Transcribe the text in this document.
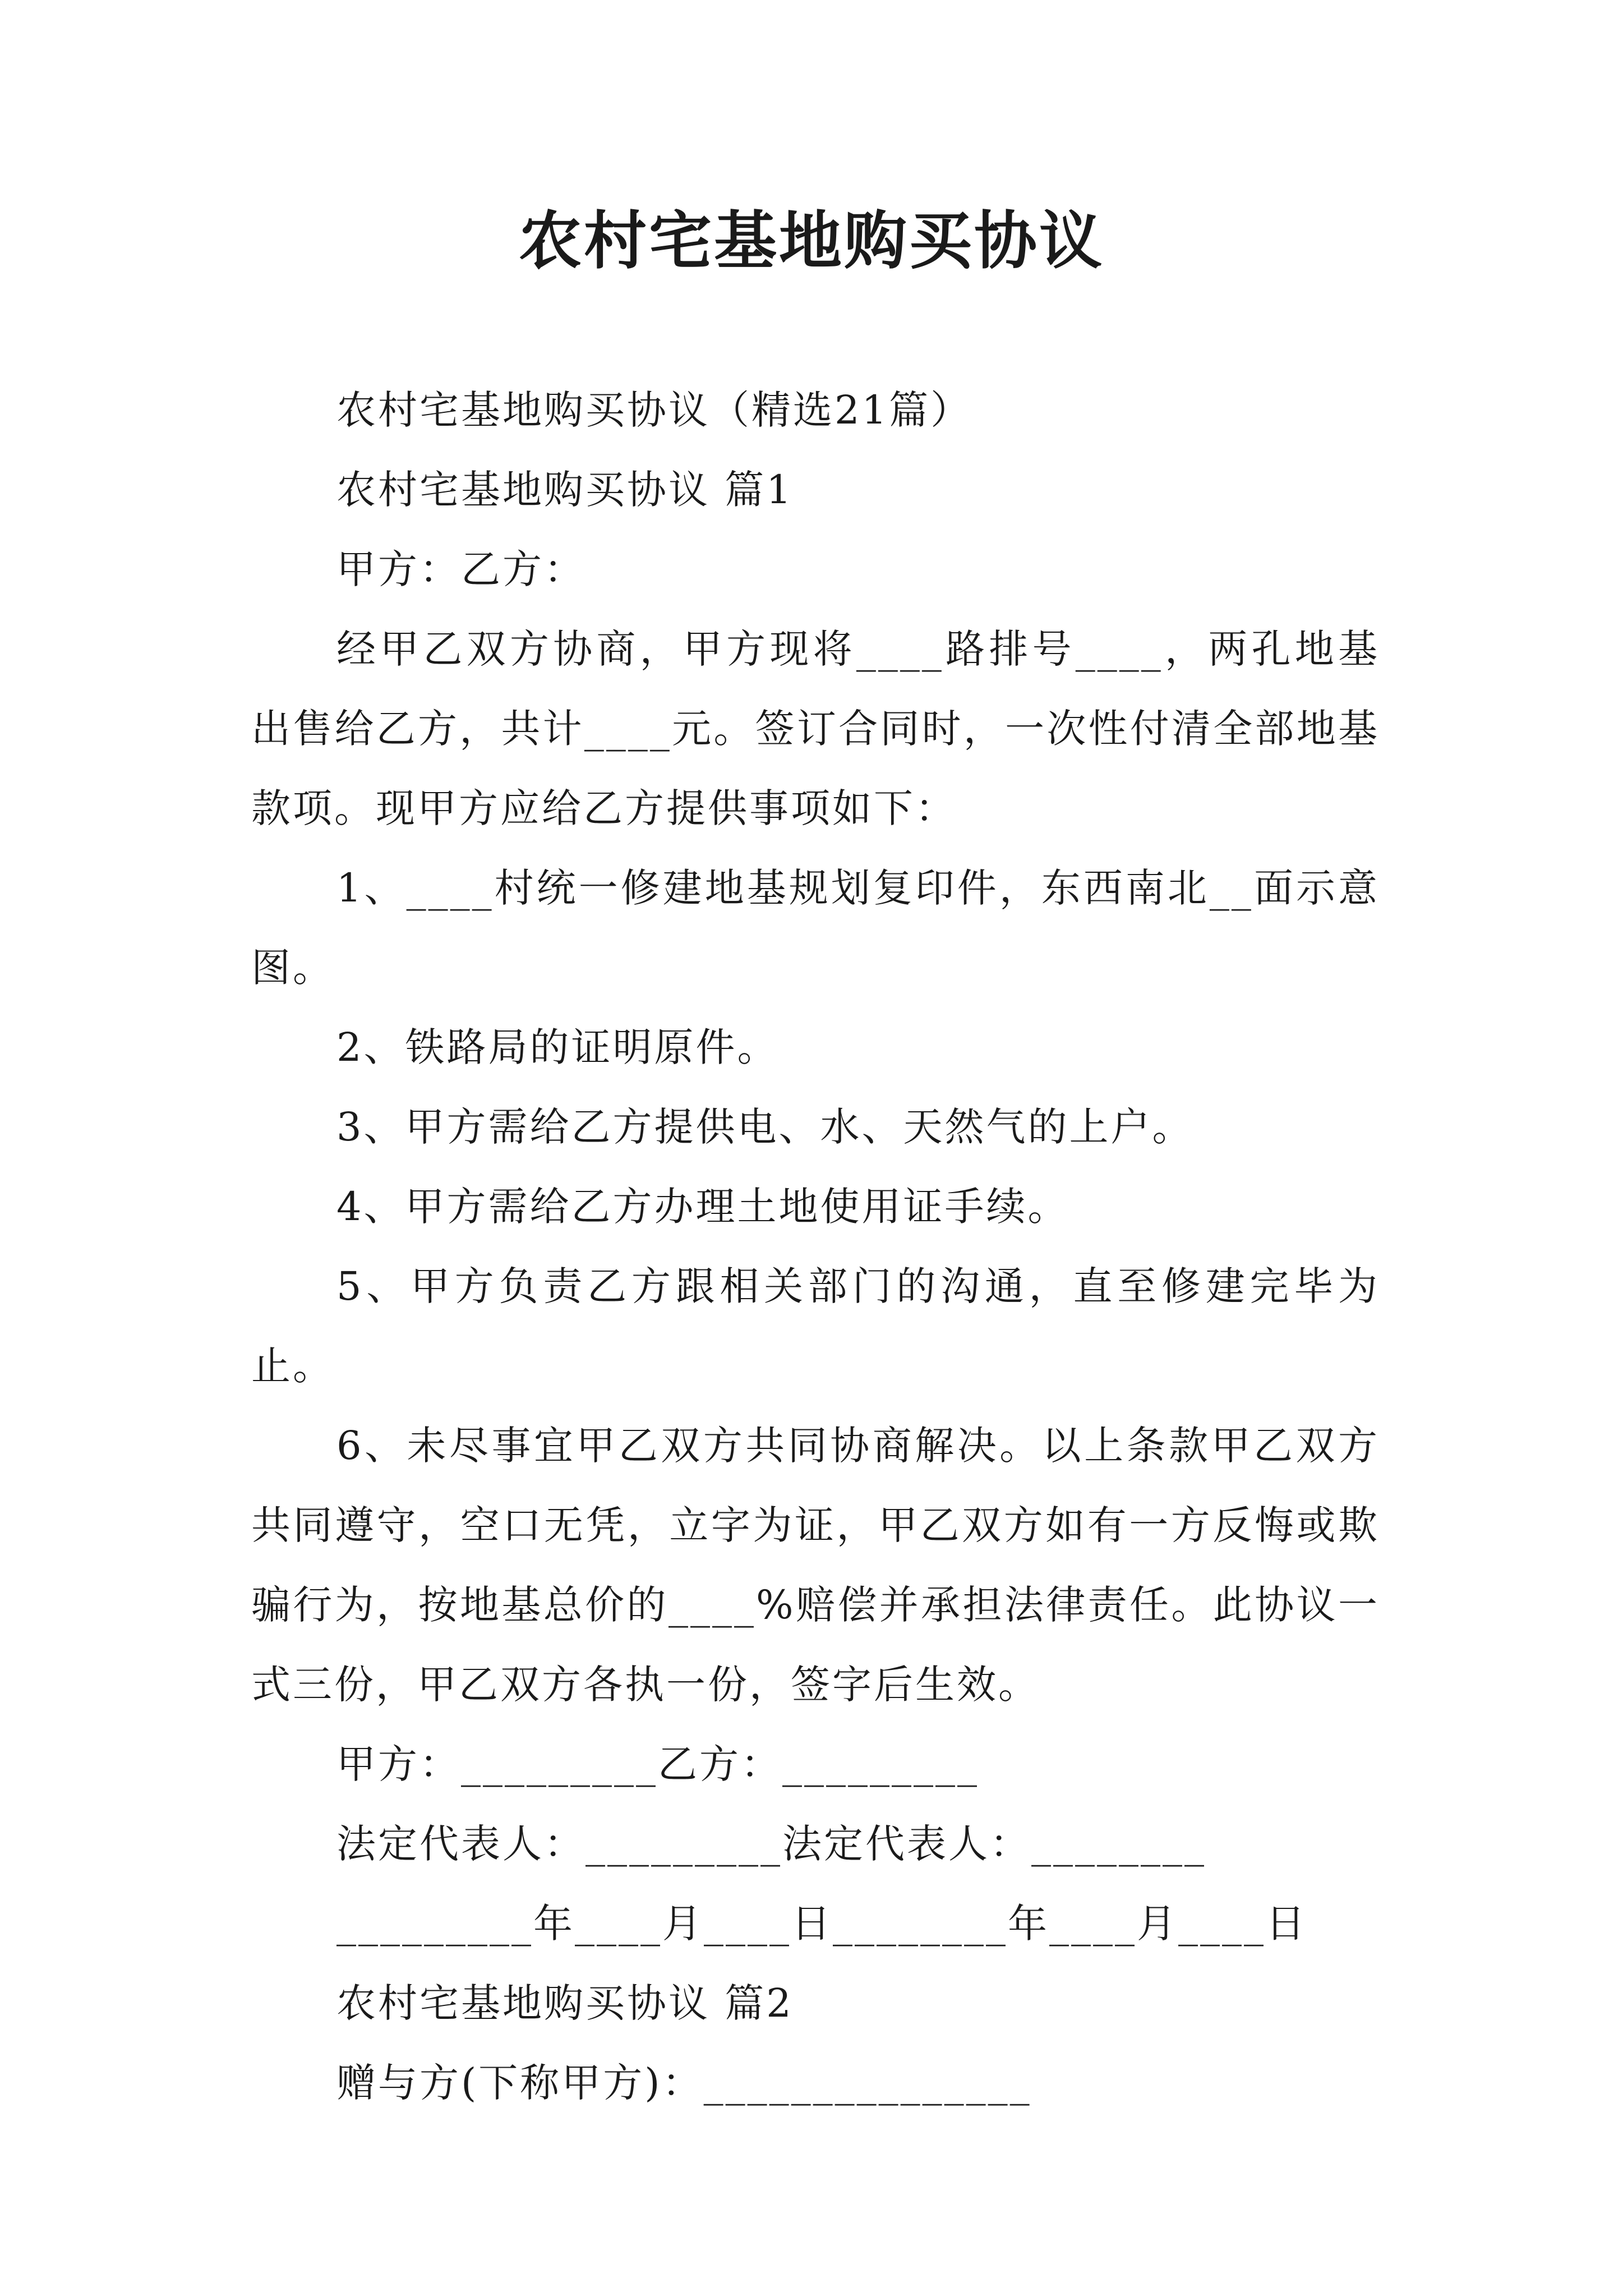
农村宅基地购买协议

农村宅基地购买协议（精选21篇）

农村宅基地购买协议 篇1

甲方：乙方：

经甲乙双方协商，甲方现将____路排号____，两孔地基出售给乙方，共计____元。签订合同时，一次性付清全部地基款项。现甲方应给乙方提供事项如下：

1、____村统一修建地基规划复印件，东西南北__面示意图。

2、铁路局的证明原件。

3、甲方需给乙方提供电、水、天然气的上户。

4、甲方需给乙方办理土地使用证手续。

5、甲方负责乙方跟相关部门的沟通，直至修建完毕为止。

6、未尽事宜甲乙双方共同协商解决。以上条款甲乙双方共同遵守，空口无凭，立字为证，甲乙双方如有一方反悔或欺骗行为，按地基总价的____%赔偿并承担法律责任。此协议一式三份，甲乙双方各执一份，签字后生效。

甲方：_________乙方：_________

法定代表人：_________法定代表人：________

_________年____月____日________年____月____日

农村宅基地购买协议 篇2

赠与方(下称甲方)：_______________
